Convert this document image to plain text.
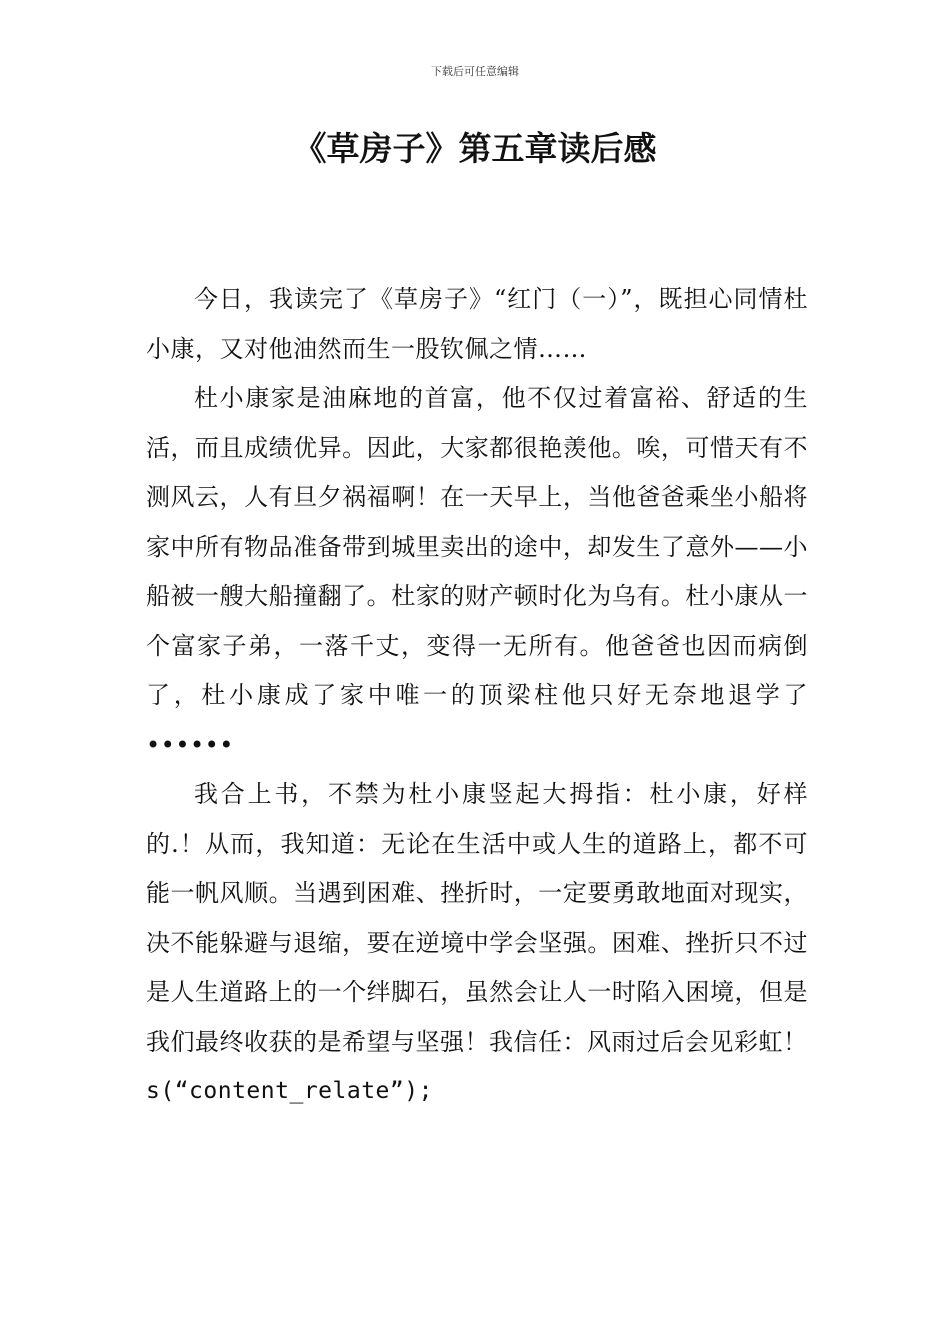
下载后可任意编辑
《草房子》第五章读后感

今日，我读完了《草房子》“红门（一）”，既担心同情杜小康，又对他油然而生一股钦佩之情……

杜小康家是油麻地的首富，他不仅过着富裕、舒适的生活，而且成绩优异。因此，大家都很艳羡他。唉，可惜天有不测风云，人有旦夕祸福啊！在一天早上，当他爸爸乘坐小船将家中所有物品准备带到城里卖出的途中，却发生了意外——小船被一艘大船撞翻了。杜家的财产顿时化为乌有。杜小康从一个富家子弟，一落千丈，变得一无所有。他爸爸也因而病倒了，杜小康成了家中唯一的顶梁柱他只好无奈地退学了••••••

我合上书，不禁为杜小康竖起大拇指：杜小康，好样的.！从而，我知道：无论在生活中或人生的道路上，都不可能一帆风顺。当遇到困难、挫折时，一定要勇敢地面对现实，决不能躲避与退缩，要在逆境中学会坚强。困难、挫折只不过是人生道路上的一个绊脚石，虽然会让人一时陷入困境，但是我们最终收获的是希望与坚强！我信任：风雨过后会见彩虹！

s(“content_relate”);
